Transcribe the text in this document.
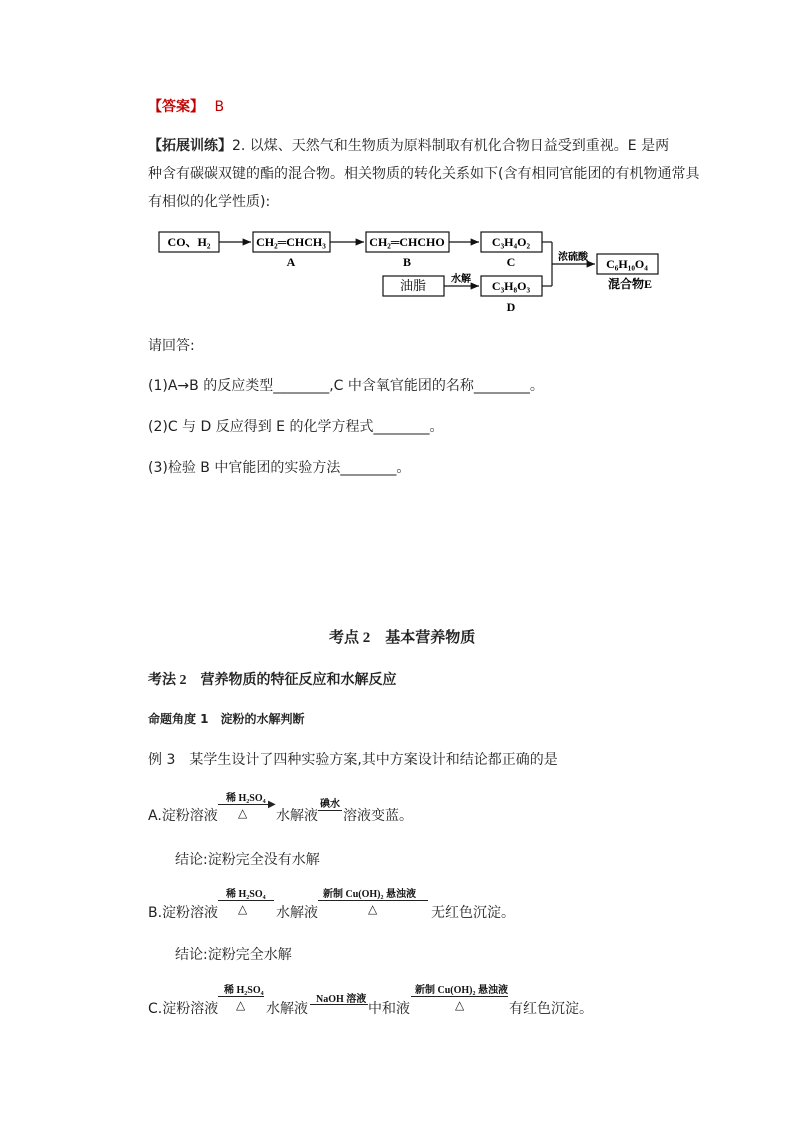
【答案】 B
【拓展训练】2. 以煤、天然气和生物质为原料制取有机化合物日益受到重视。E 是两
种含有碳碳双键的酯的混合物。相关物质的转化关系如下(含有相同官能团的有机物通常具
有相似的化学性质):
CO、H₂	CH₂═CHCH₃	CH₂═CHCHO	C₃H₄O₂
油脂	C₃H₈O₃
C₆H₁₀O₄
A	B	C
D
混合物E
水解
浓硫酸
请回答:
(1)A→B 的反应类型________,C 中含氧官能团的名称________。
(2)C 与 D 反应得到 E 的化学方程式________。
(3)检验 B 中官能团的实验方法________。
考点 2　基本营养物质
考法 2　营养物质的特征反应和水解反应
命题角度 1　淀粉的水解判断
例 3　某学生设计了四种实验方案,其中方案设计和结论都正确的是
A.淀粉溶液
稀 H₂SO₄
▶
△ 水解液
碘水
溶液变蓝。
结论:淀粉完全没有水解
B.淀粉溶液
稀 H₂SO₄
△ 水解液
新制 Cu(OH)₂ 悬浊液
△	无红色沉淀。
结论:淀粉完全水解
C.淀粉溶液
稀 H₂SO₄
△ 水解液
NaOH 溶液
中和液
新制 Cu(OH)₂ 悬浊液
△	有红色沉淀。
